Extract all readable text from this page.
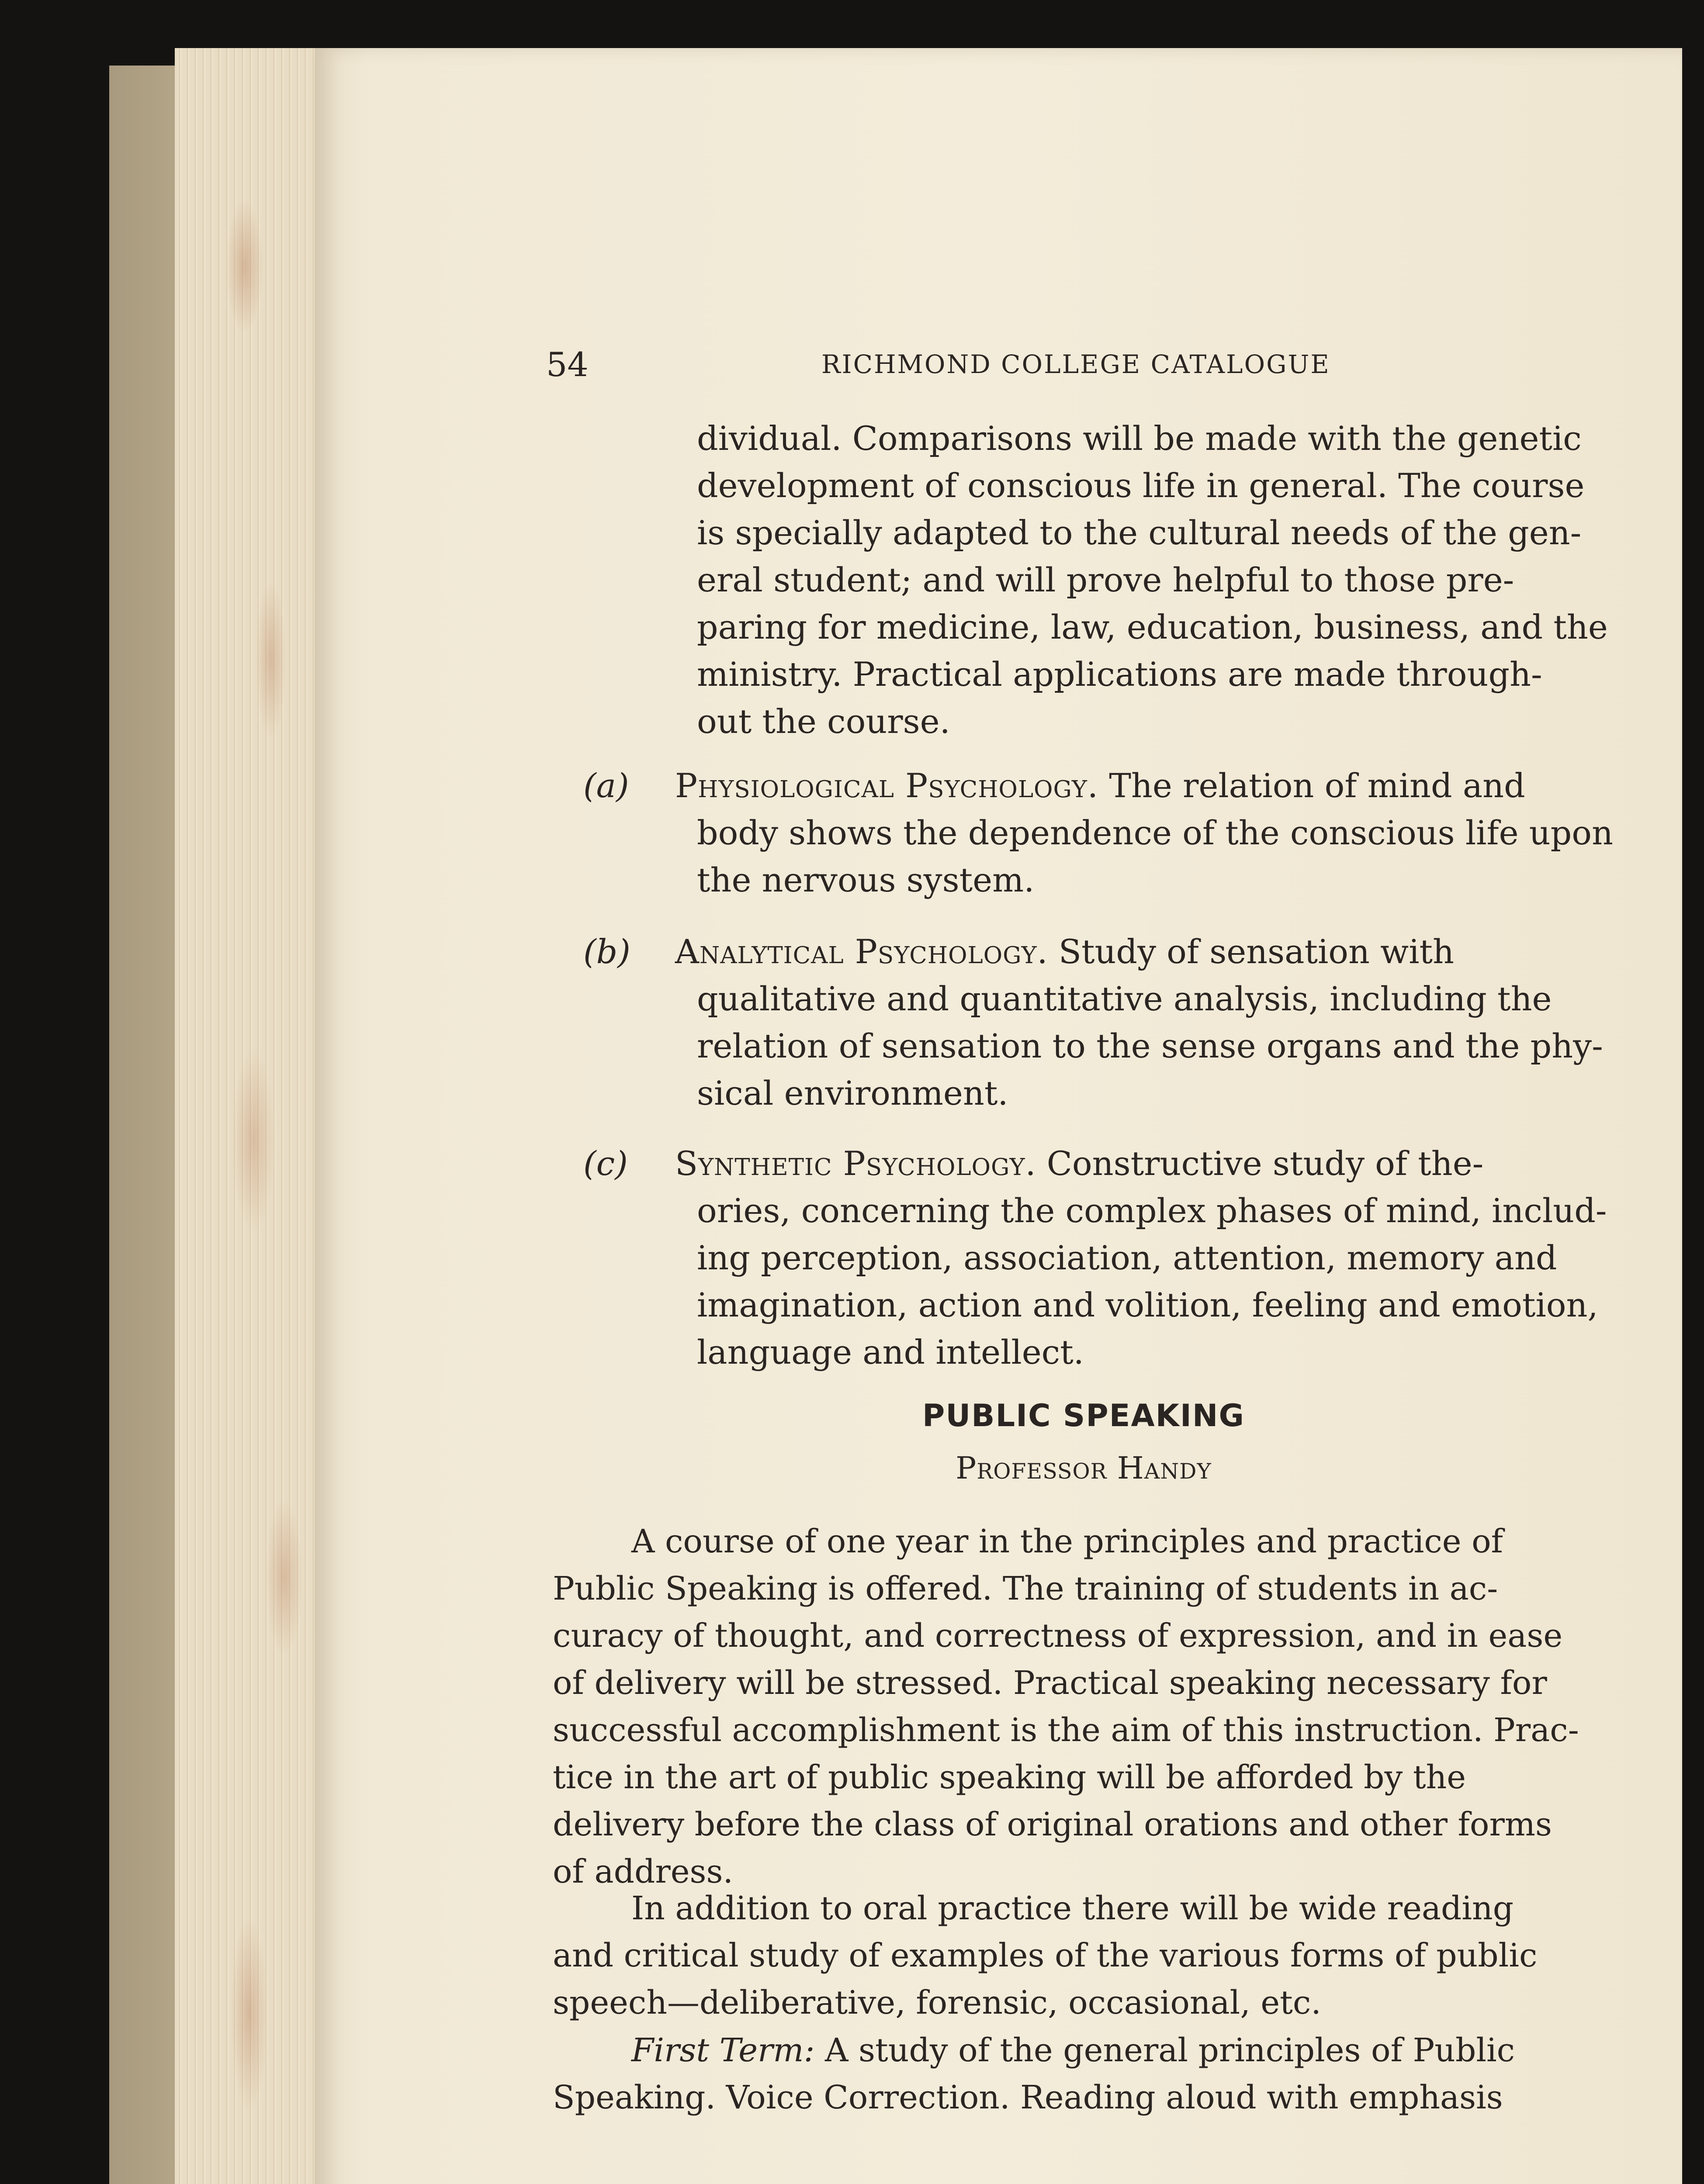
54	RICHMOND COLLEGE CATALOGUE

dividual. Comparisons will be made with the genetic
development of conscious life in general. The course
is specially adapted to the cultural needs of the gen-
eral student; and will prove helpful to those pre-
paring for medicine, law, education, business, and the
ministry. Practical applications are made through-
out the course.
(a) Physiological Psychology. The relation of mind and
body shows the dependence of the conscious life upon
the nervous system.
(b) Analytical Psychology. Study of sensation with
qualitative and quantitative analysis, including the
relation of sensation to the sense organs and the phy-
sical environment.
(c) Synthetic Psychology. Constructive study of the-
ories, concerning the complex phases of mind, includ-
ing perception, association, attention, memory and
imagination, action and volition, feeling and emotion,
language and intellect.
PUBLIC SPEAKING
Professor Handy
A course of one year in the principles and practice of
Public Speaking is offered. The training of students in ac-
curacy of thought, and correctness of expression, and in ease
of delivery will be stressed. Practical speaking necessary for
successful accomplishment is the aim of this instruction. Prac-
tice in the art of public speaking will be afforded by the
delivery before the class of original orations and other forms
of address.
In addition to oral practice there will be wide reading
and critical study of examples of the various forms of public
speech—deliberative, forensic, occasional, etc.
First Term: A study of the general principles of Public
Speaking. Voice Correction. Reading aloud with emphasis
